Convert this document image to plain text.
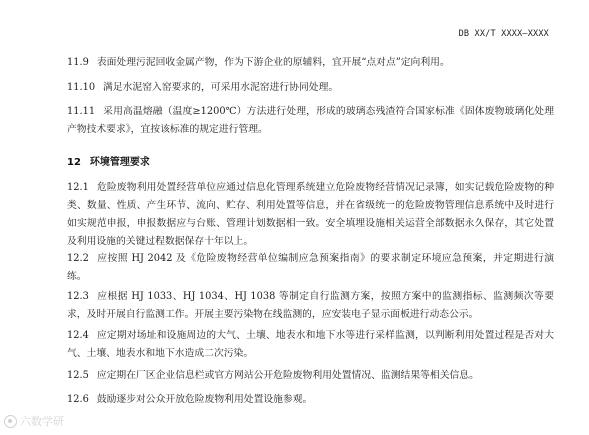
DB XX/T XXXX—XXXX
11.9 表面处理污泥回收金属产物，作为下游企业的原辅料，宜开展“点对点”定向利用。
11.10 满足水泥窑入窑要求的，可采用水泥窑进行协同处理。
11.11 采用高温熔融（温度≥1200℃）方法进行处理，形成的玻璃态残渣符合国家标准《固体废物玻璃化处理产物技术要求》，宜按该标准的规定进行管理。
12 环境管理要求
12.1 危险废物利用处置经营单位应通过信息化管理系统建立危险废物经营情况记录簿，如实记载危险废物的种类、数量、性质、产生环节、流向、贮存、利用处置等信息，并在省级统一的危险废物管理信息系统中及时进行如实规范申报，申报数据应与台账、管理计划数据相一致。安全填埋设施相关运营全部数据永久保存，其它处置及利用设施的关键过程数据保存十年以上。
12.2 应按照 HJ 2042 及《危险废物经营单位编制应急预案指南》的要求制定环境应急预案，并定期进行演练。
12.3 应根据 HJ 1033、HJ 1034、HJ 1038 等制定自行监测方案，按照方案中的监测指标、监测频次等要求，及时开展自行监测工作。开展主要污染物在线监测的，应安装电子显示面板进行动态公示。
12.4 应定期对场址和设施周边的大气、土壤、地表水和地下水等进行采样监测，以判断利用处置过程是否对大气、土壤、地表水和地下水造成二次污染。
12.5 应定期在厂区企业信息栏或官方网站公开危险废物利用处置情况、监测结果等相关信息。
12.6 鼓励逐步对公众开放危险废物利用处置设施参观。
六数学研
